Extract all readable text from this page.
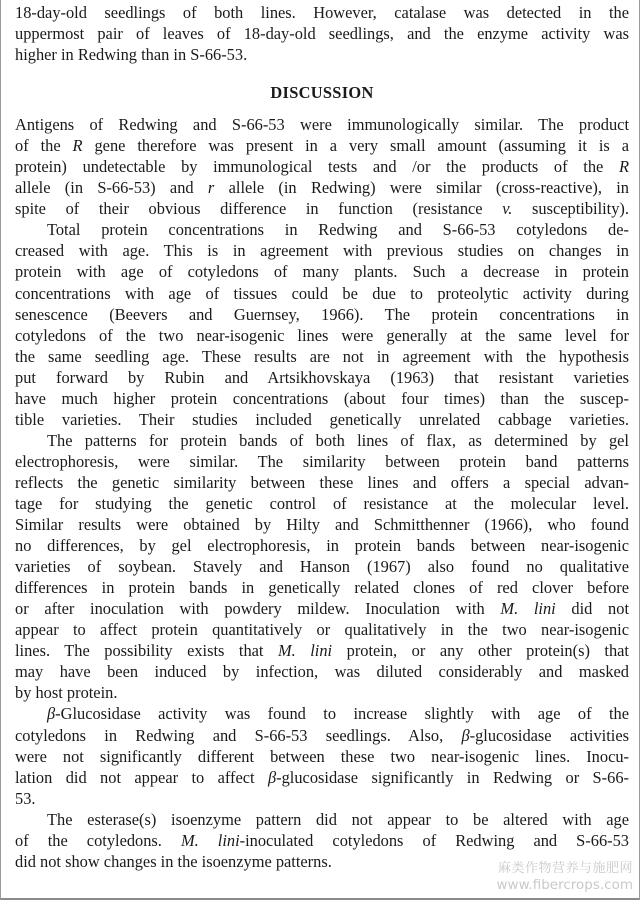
18-day-old seedlings of both lines. However, catalase was detected in the
uppermost pair of leaves of 18-day-old seedlings, and the enzyme activity was
higher in Redwing than in S-66-53.
DISCUSSION
Antigens of Redwing and S-66-53 were immunologically similar. The product
of the R gene therefore was present in a very small amount (assuming it is a
protein) undetectable by immunological tests and /or the products of the R
allele (in S-66-53) and r allele (in Redwing) were similar (cross-reactive), in
spite of their obvious difference in function (resistance v. susceptibility).
Total protein concentrations in Redwing and S-66-53 cotyledons de-
creased with age. This is in agreement with previous studies on changes in
protein with age of cotyledons of many plants. Such a decrease in protein
concentrations with age of tissues could be due to proteolytic activity during
senescence (Beevers and Guernsey, 1966). The protein concentrations in
cotyledons of the two near-isogenic lines were generally at the same level for
the same seedling age. These results are not in agreement with the hypothesis
put forward by Rubin and Artsikhovskaya (1963) that resistant varieties
have much higher protein concentrations (about four times) than the suscep-
tible varieties. Their studies included genetically unrelated cabbage varieties.
The patterns for protein bands of both lines of flax, as determined by gel
electrophoresis, were similar. The similarity between protein band patterns
reflects the genetic similarity between these lines and offers a special advan-
tage for studying the genetic control of resistance at the molecular level.
Similar results were obtained by Hilty and Schmitthenner (1966), who found
no differences, by gel electrophoresis, in protein bands between near-isogenic
varieties of soybean. Stavely and Hanson (1967) also found no qualitative
differences in protein bands in genetically related clones of red clover before
or after inoculation with powdery mildew. Inoculation with M. lini did not
appear to affect protein quantitatively or qualitatively in the two near-isogenic
lines. The possibility exists that M. lini protein, or any other protein(s) that
may have been induced by infection, was diluted considerably and masked
by host protein.
β-Glucosidase activity was found to increase slightly with age of the
cotyledons in Redwing and S-66-53 seedlings. Also, β-glucosidase activities
were not significantly different between these two near-isogenic lines. Inocu-
lation did not appear to affect β-glucosidase significantly in Redwing or S-66-
53.
The esterase(s) isoenzyme pattern did not appear to be altered with age
of the cotyledons. M. lini-inoculated cotyledons of Redwing and S-66-53
did not show changes in the isoenzyme patterns.	麻类作物营养与施肥网
www.fibercrops.com
